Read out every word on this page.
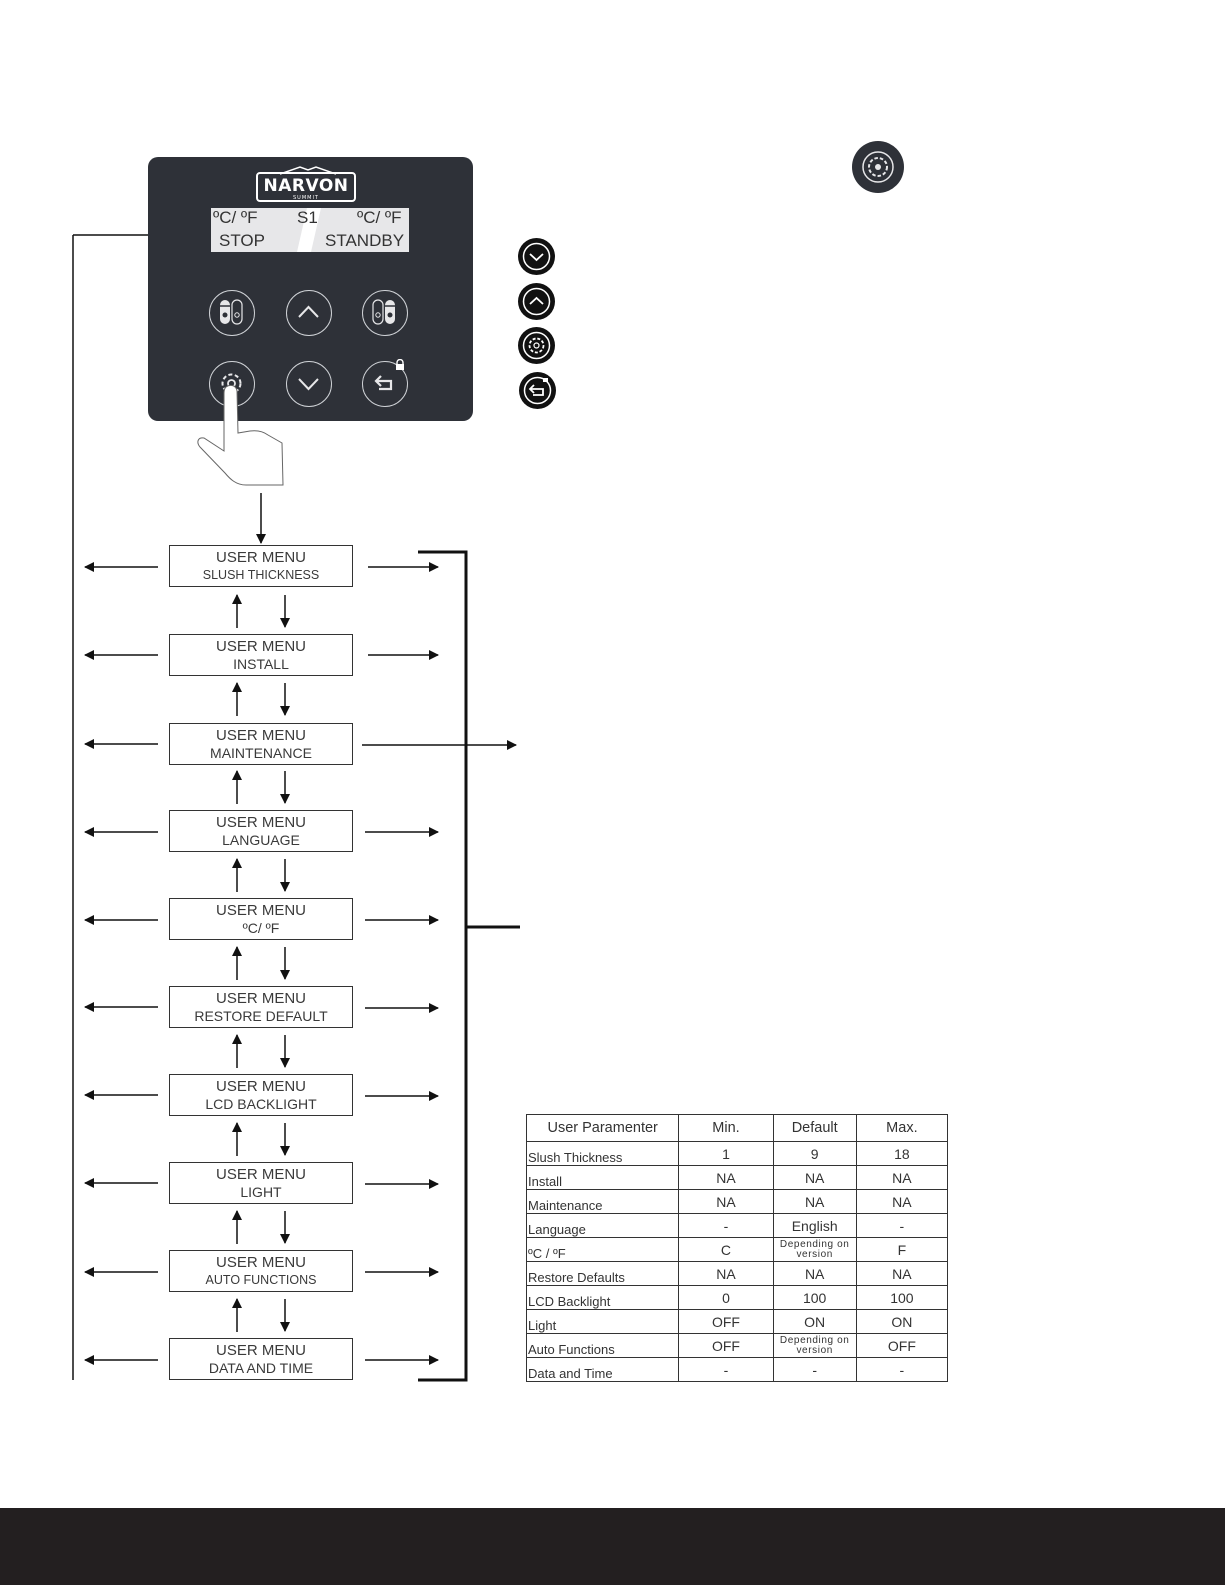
NARVON
SUMMIT
ºC/ ºF S1 ºC/ ºF
STOP	STANDBY
USER MENU
SLUSH THICKNESS
USER MENU
INSTALL
USER MENU
MAINTENANCE
USER MENU
LANGUAGE
USER MENU
ºC/ ºF
USER MENU
RESTORE DEFAULT
USER MENU
LCD BACKLIGHT
USER MENU
LIGHT
USER MENU
AUTO FUNCTIONS
USER MENU
DATA AND TIME
User Paramenter	Min.	Default	Max.
Slush Thickness	1	9	18
Install	NA	NA	NA
Maintenance	NA	NA	NA
Language	-	English	-
ºC / ºF	C	Depending on version	F
Restore Defaults	NA	NA	NA
LCD Backlight	0	100	100
Light	OFF	ON	ON
Auto Functions	OFF	Depending on version	OFF
Data and Time	-	-	-
